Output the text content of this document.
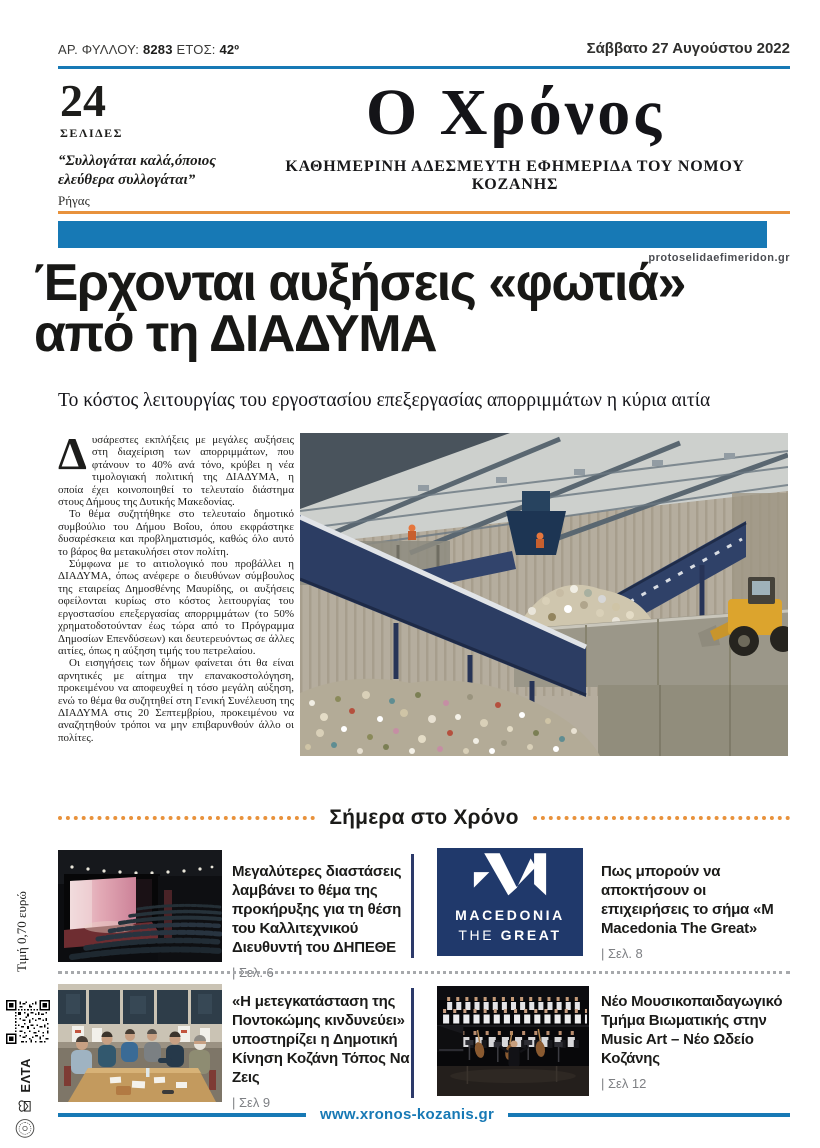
ΑΡ. ΦΥΛΛΟΥ: 8283 ΕΤΟΣ: 42º	Σάββατο 27 Αυγούστου 2022
24
ΣΕΛΙΔΕΣ
“Συλλογάται καλά,όποιος
ελεύθερα συλλογάται”
Ρήγας
Ο Χρόνος
ΚΑΘΗΜΕΡΙΝΗ ΑΔΕΣΜΕΥΤΗ ΕΦΗΜΕΡΙΔΑ ΤΟΥ ΝΟΜΟΥ ΚΟΖΑΝΗΣ
protoselidaefimeridon.gr
Έρχονται αυξήσεις «φωτιά»
από τη ΔΙΑΔΥΜΑ
Το κόστος λειτουργίας του εργοστασίου επεξεργασίας απορριμμάτων η κύρια αιτία

Δυσάρεστες εκπλήξεις με μεγάλες αυξήσεις στη διαχείριση των απορριμμάτων, που φτάνουν το 40% ανά τόνο, κρύβει η νέα τιμολογιακή πολιτική της ΔΙΑΔΥΜΑ, η οποία έχει κοινοποιηθεί το τελευταίο διάστημα στους Δήμους της Δυτικής Μακεδονίας.

Το θέμα συζητήθηκε στο τελευταίο δημοτικό συμβούλιο του Δήμου Βοΐου, όπου εκφράστηκε δυσαρέσκεια και προβληματισμός, καθώς όλο αυτό το βάρος θα μετακυλήσει στον πολίτη.

Σύμφωνα με το αιτιολογικό που προβάλλει η ΔΙΑΔΥΜΑ, όπως ανέφερε ο διευθύνων σύμβουλος της εταιρείας Δημοσθένης Μαυρίδης, οι αυξήσεις οφείλονται κυρίως στο κόστος λειτουργίας του εργοστασίου επεξεργασίας απορριμμάτων (το 50% χρηματοδοτούνταν έως τώρα από το Πρόγραμμα Δημοσίων Επενδύσεων) και δευτερευόντως σε άλλες αιτίες, όπως η αύξηση τιμής του πετρελαίου.

Οι εισηγήσεις των δήμων φαίνεται ότι θα είναι αρνητικές με αίτημα την επανακοστολόγηση, προκειμένου να αποφευχθεί η τόσο μεγάλη αύξηση, ενώ το θέμα θα συζητηθεί στη Γενική Συνέλευση της ΔΙΑΔΥΜΑ στις 20 Σεπτεμβρίου, προκειμένου να αναζητηθούν τρόποι να μην επιβαρυνθούν άλλο οι πολίτες.

Σήμερα στο Χρόνο
Μεγαλύτερες διαστάσεις λαμβάνει το θέμα της προκήρυξης για τη θέση του Καλλιτεχνικού Διευθυντή του ΔΗΠΕΘΕ
| Σελ. 6
MACEDONIA
THE GREAT
Πως μπορούν να αποκτήσουν οι επιχειρήσεις το σήμα «M Macedonia The Great»
| Σελ. 8
«Η μετεγκατάσταση της Ποντοκώμης κινδυνεύει» υποστηρίζει η Δημοτική Κίνηση Κοζάνη Τόπος Να Ζεις
| Σελ 9
Νέο Μουσικοπαιδαγωγικό Τμήμα Βιωματικής στην Music Art – Νέο Ωδείο Κοζάνης
| Σελ 12
www.xronos-kozanis.gr
Τιμή 0,70 ευρώ
ΕΛΤΑ
